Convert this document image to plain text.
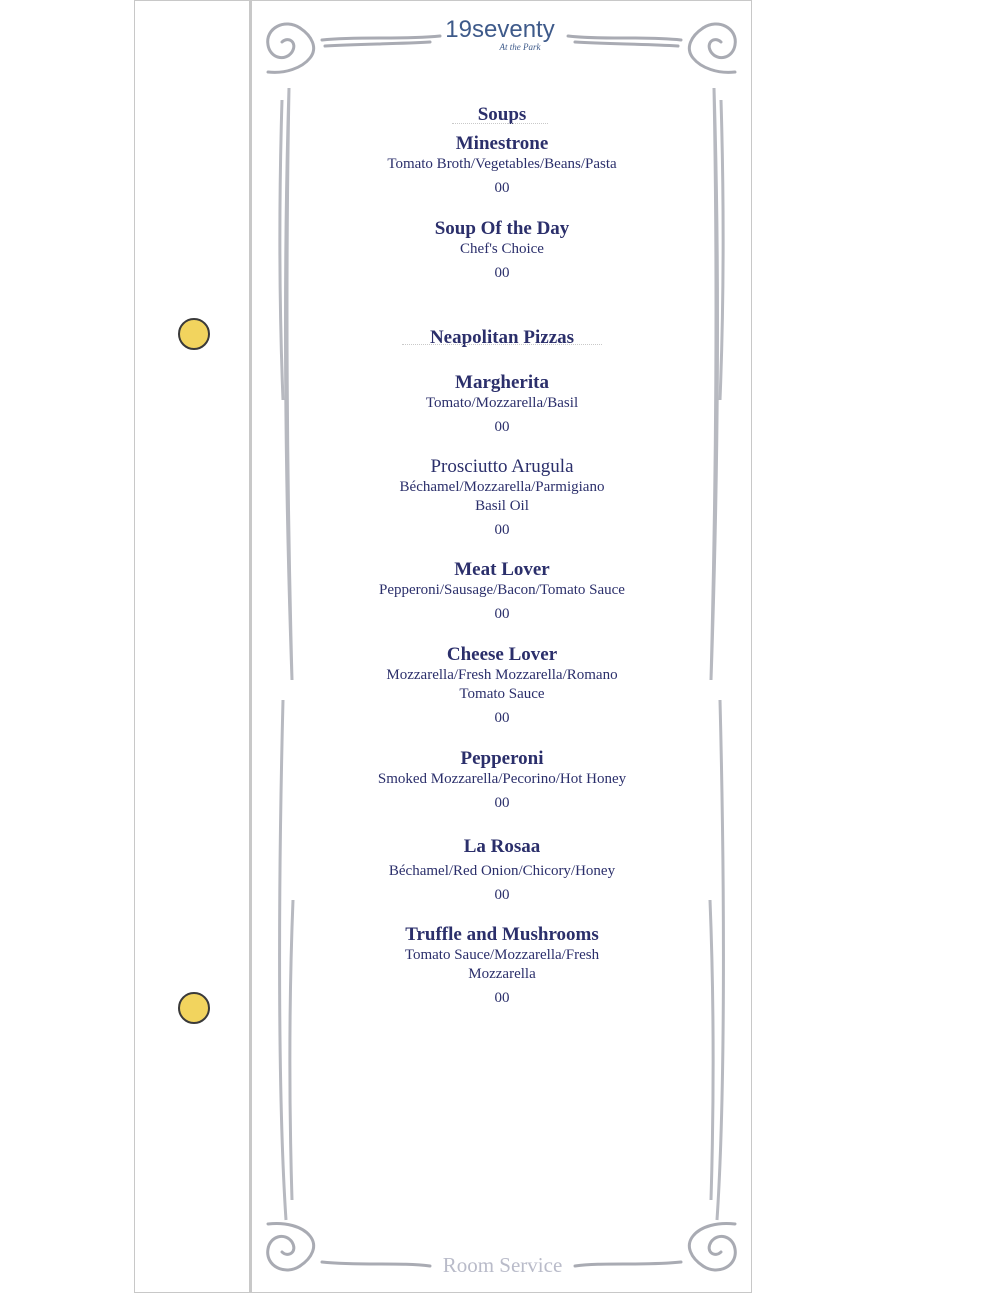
19seventy
At the Park
Soups
Minestrone
Tomato Broth/Vegetables/Beans/Pasta
00
Soup Of the Day
Chef's Choice
00
Neapolitan Pizzas
Margherita
Tomato/Mozzarella/Basil
00
Prosciutto Arugula
Béchamel/Mozzarella/Parmigiano
Basil Oil
00
Meat Lover
Pepperoni/Sausage/Bacon/Tomato Sauce
00
Cheese Lover
Mozzarella/Fresh Mozzarella/Romano
Tomato Sauce
00
Pepperoni
Smoked Mozzarella/Pecorino/Hot Honey
00
La Rosaa
Béchamel/Red Onion/Chicory/Honey
00
Truffle and Mushrooms
Tomato Sauce/Mozzarella/Fresh
Mozzarella
00
Room Service
